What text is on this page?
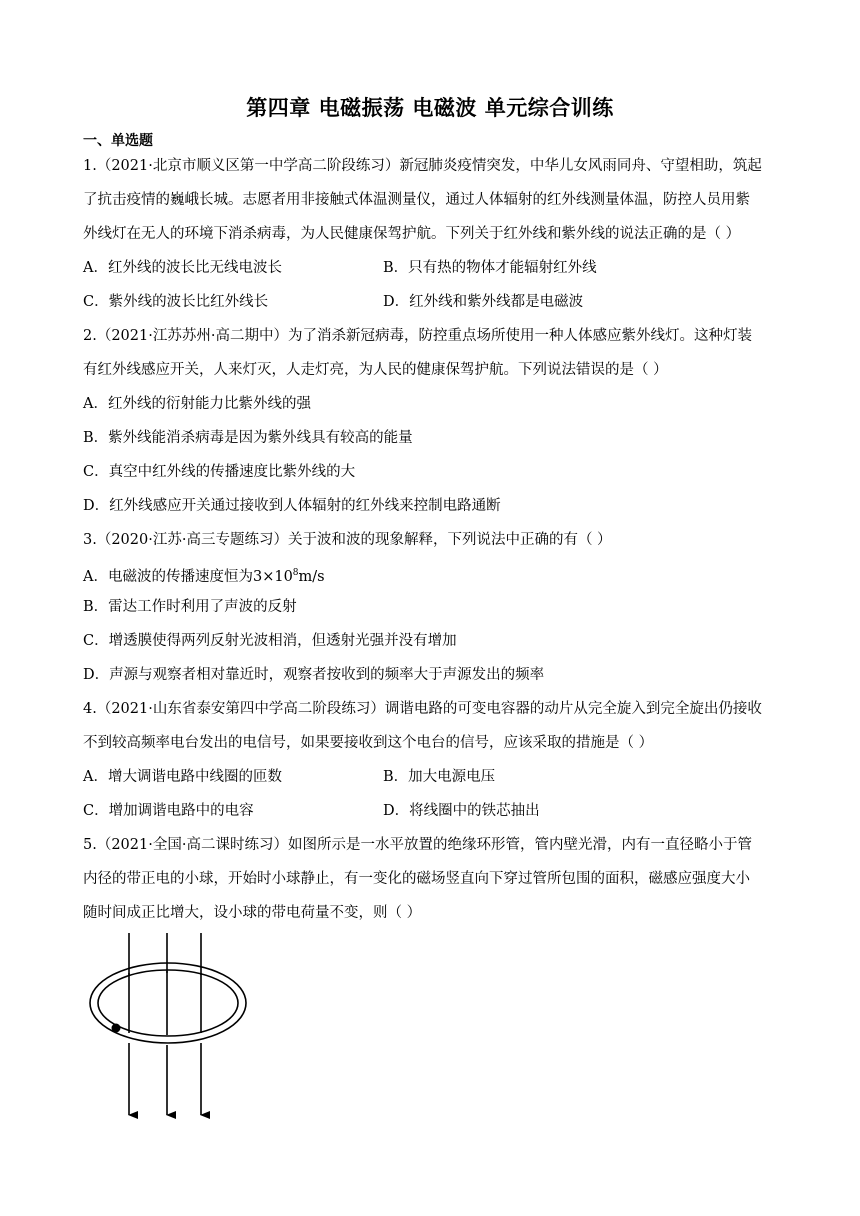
第四章 电磁振荡 电磁波 单元综合训练
一、单选题
1.（2021·北京市顺义区第一中学高二阶段练习）新冠肺炎疫情突发，中华儿女风雨同舟、守望相助，筑起
了抗击疫情的巍峨长城。志愿者用非接触式体温测量仪，通过人体辐射的红外线测量体温，防控人员用紫
外线灯在无人的环境下消杀病毒，为人民健康保驾护航。下列关于红外线和紫外线的说法正确的是（ ）
A．红外线的波长比无线电波长	B．只有热的物体才能辐射红外线
C．紫外线的波长比红外线长	D．红外线和紫外线都是电磁波
2.（2021·江苏苏州·高二期中）为了消杀新冠病毒，防控重点场所使用一种人体感应紫外线灯。这种灯装
有红外线感应开关，人来灯灭，人走灯亮，为人民的健康保驾护航。下列说法错误的是（ ）
A．红外线的衍射能力比紫外线的强
B．紫外线能消杀病毒是因为紫外线具有较高的能量
C．真空中红外线的传播速度比紫外线的大
D．红外线感应开关通过接收到人体辐射的红外线来控制电路通断
3.（2020·江苏·高三专题练习）关于波和波的现象解释，下列说法中正确的有（ ）
A．电磁波的传播速度恒为$3\times 10^8m/s$
B．雷达工作时利用了声波的反射
C．增透膜使得两列反射光波相消，但透射光强并没有增加
D．声源与观察者相对靠近时，观察者按收到的频率大于声源发出的频率
4.（2021·山东省泰安第四中学高二阶段练习）调谐电路的可变电容器的动片从完全旋入到完全旋出仍接收
不到较高频率电台发出的电信号，如果要接收到这个电台的信号，应该采取的措施是（ ）
A．增大调谐电路中线圈的匝数	B．加大电源电压
C．增加调谐电路中的电容	D．将线圈中的铁芯抽出
5.（2021·全国·高二课时练习）如图所示是一水平放置的绝缘环形管，管内壁光滑，内有一直径略小于管
内径的带正电的小球，开始时小球静止，有一变化的磁场竖直向下穿过管所包围的面积，磁感应强度大小
随时间成正比增大，设小球的带电荷量不变，则（ ）
